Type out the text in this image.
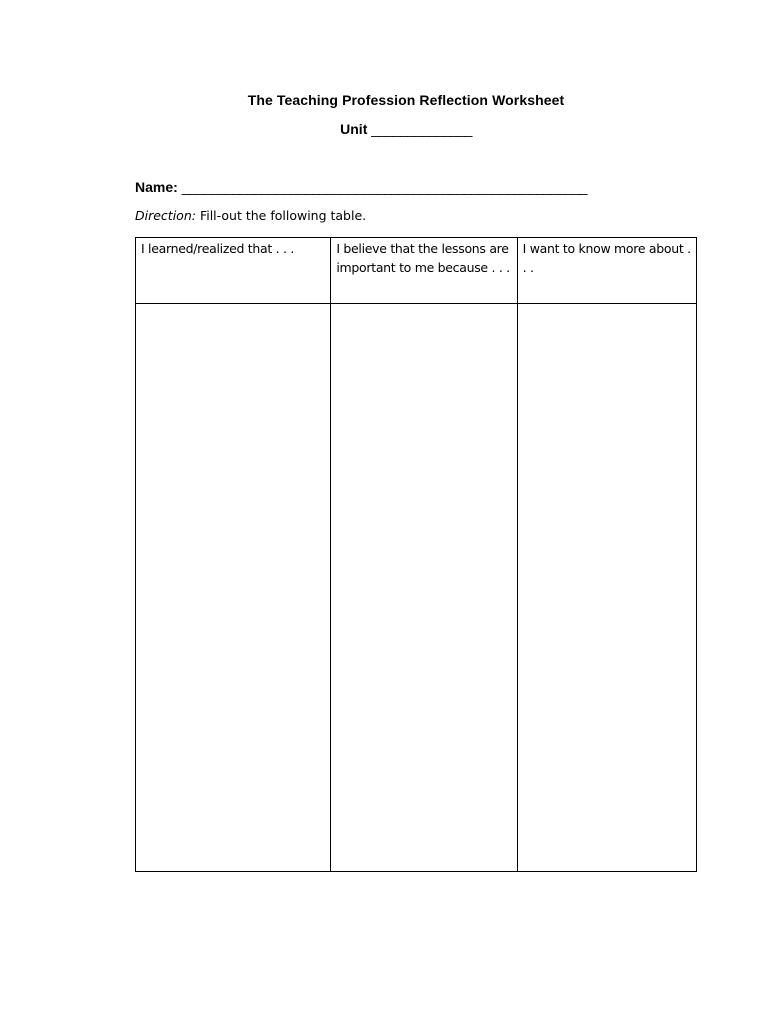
The Teaching Profession Reflection Worksheet
Unit ______________
Name: ________________________________________________________
Direction: Fill-out the following table.
I learned/realized that . . .	I believe that the lessons are important to me because . . .	I want to know more about . . .
